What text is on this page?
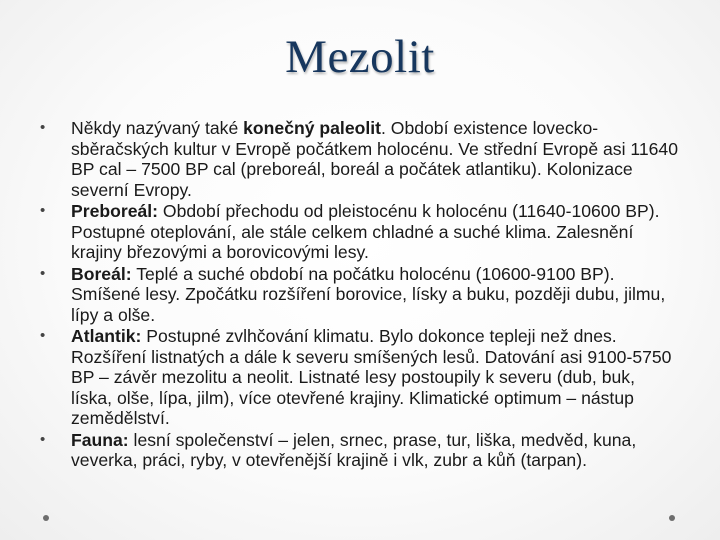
Mezolit
• Někdy nazývaný také konečný paleolit. Období existence lovecko-sběračských kultur v Evropě počátkem holocénu. Ve střední Evropě asi 11640 BP cal – 7500 BP cal (preboreál, boreál a počátek atlantiku). Kolonizace severní Evropy.
• Preboreál: Období přechodu od pleistocénu k holocénu (11640-10600 BP). Postupné oteplování, ale stále celkem chladné a suché klima. Zalesnění krajiny březovými a borovicovými lesy.
• Boreál: Teplé a suché období na počátku holocénu (10600-9100 BP). Smíšené lesy. Zpočátku rozšíření borovice, lísky a buku, později dubu, jilmu, lípy a olše.
• Atlantik: Postupné zvlhčování klimatu. Bylo dokonce tepleji než dnes. Rozšíření listnatých a dále k severu smíšených lesů. Datování asi 9100-5750 BP – závěr mezolitu a neolit. Listnaté lesy postoupily k severu (dub, buk, líska, olše, lípa, jilm), více otevřené krajiny. Klimatické optimum – nástup zemědělství.
• Fauna: lesní společenství – jelen, srnec, prase, tur, liška, medvěd, kuna, veverka, práci, ryby, v otevřenější krajině i vlk, zubr a kůň (tarpan).
